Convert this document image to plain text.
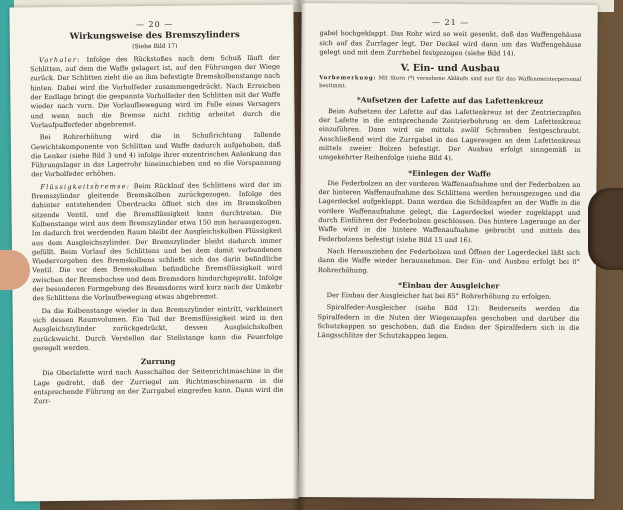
— 20 —
Wirkungsweise des Bremszylinders
(Siehe Bild 17)

Vorholer: Infolge des Rückstoßes nach dem Schuß läuft der Schlitten, auf dem die Waffe gelagert ist, auf den Führungen der Wiege zurück. Der Schlitten zieht die an ihm befestigte Bremskolbenstange nach hinten. Dabei wird die Vorholfeder zusammengedrückt. Nach Erreichen der Endlage bringt die gespannte Vorholfeder den Schlitten mit der Waffe wieder nach vorn. Die Vorlaufbewegung wird im Falle eines Versagers und wenn auch die Bremse nicht richtig arbeitet durch die Vorlaufpufferfeder abgebremst.

Bei Rohrerhöhung wird die in Schußrichtung fallende Gewichtskomponente von Schlitten und Waffe dadurch aufgehoben, daß die Lenker (siehe Bild 3 und 4) infolge ihrer exzentrischen Anlenkung das Führungslager in das Lagerrohr hineinschieben und so die Vorspannung der Vorholfeder erhöhen.

Flüssigkeitsbremse: Beim Rücklauf des Schlittens wird der im Bremszylinder gleitende Bremskolben zurückgezogen. Infolge des dahinter entstehenden Überdrucks öffnet sich das im Bremskolben sitzende Ventil, und die Bremsflüssigkeit kann durchtreten. Die Kolbenstange wird aus dem Bremszylinder etwa 150 mm herausgezogen. Im dadurch frei werdenden Raum bleibt der Ausgleichskolben Flüssigkeit aus dem Ausgleichszylinder. Der Bremszylinder bleibt dadurch immer gefüllt. Beim Vorlauf des Schlittens und bei dem damit verbundenen Wiedervorgehen des Bremskolbens schließt sich das darin befindliche Ventil. Die vor dem Bremskolben befindliche Bremsflüssigkeit wird zwischen der Bremsbuchse und dem Bremsdorn hindurchgepreßt. Infolge der besonderen Formgebung des Bremsdorns wird kurz nach der Umkehr des Schlittens die Vorlaufbewegung etwas abgebremst.

Da die Kolbenstange wieder in den Bremszylinder eintritt, verkleinert sich dessen Raumvolumen. Ein Teil der Bremsflüssigkeit wird in den Ausgleichszylinder zurückgedrückt, dessen Ausgleichskolben zurückweicht. Durch Verstellen der Stellstange kann die Feuerfolge geregelt werden.

Zurrung

Die Oberlafette wird nach Ausschalten der Seitenrichtmaschine in die Lage gedreht, daß der Zurriegel am Richtmaschinenarm in die entsprechende Führung an der Zurrgabel eingreifen kann. Dann wird die Zurr-

— 21 —

gabel hochgeklappt. Das Rohr wird so weit gesenkt, daß das Waffengehäuse sich auf das Zurrlager legt. Der Deckel wird dann um das Waffengehäuse gelegt und mit dem Zurrhebel festgezogen (siehe Bild 14).

V. Ein- und Ausbau

Vorbemerkung: Mit Stern (*) versehene Abläufe sind nur für das Waffenmeisterpersonal bestimmt.

*Aufsetzen der Lafette auf das Lafettenkreuz

Beim Aufsetzen der Lafette auf das Lafettenkreuz ist der Zentrierzapfen der Lafette in die entsprechende Zentrierbohrung an dem Lafettenkreuz einzuführen. Dann wird sie mittels zwölf Schrauben festgeschraubt. Anschließend wird die Zurrgabel in den Lageraugen an dem Lafettenkreuz mittels zweier Bolzen befestigt. Der Ausbau erfolgt sinngemäß in umgekehrter Reihenfolge (siehe Bild 4).

*Einlegen der Waffe

Die Federbolzen an der vorderen Waffenaufnahme und der Federbolzen an der hinteren Waffenaufnahme des Schlittens werden herausgezogen und die Lagerdeckel aufgeklappt. Dann werden die Schildzapfen an der Waffe in die vordere Waffenaufnahme gelegt, die Lagerdeckel wieder zugeklappt und durch Einführen der Federbolzen geschlossen. Das hintere Lagerauge an der Waffe wird in die hintere Waffenaufnahme gebracht und mittels des Federbolzens befestigt (siehe Bild 15 und 16).

Nach Herausziehen der Federbolzen und Öffnen der Lagerdeckel läßt sich dann die Waffe wieder herausnehmen. Der Ein- und Ausbau erfolgt bei 0° Rohrerhöhung.

*Einbau der Ausgleicher

Der Einbau der Ausgleicher hat bei 85° Rohrerhöhung zu erfolgen.

Spiralfeder-Ausgleicher (siehe Bild 12): Beiderseits werden die Spiralfedern in die Nuten der Wiegenzapfen geschoben und darüber die Schutzkappen so geschoben, daß die Enden der Spiralfedern sich in die Längsschlitze der Schutzkappen legen.
